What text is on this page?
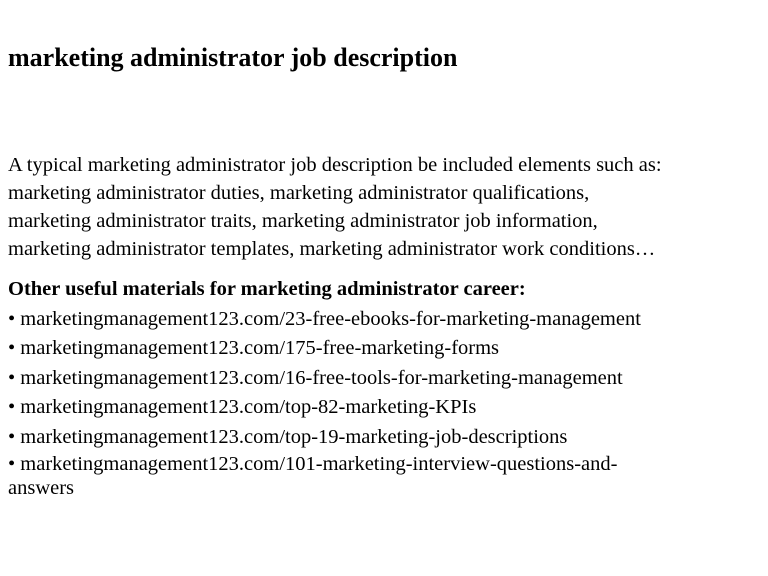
marketing administrator job description
A typical marketing administrator job description be included elements such as:
marketing administrator duties, marketing administrator qualifications,
marketing administrator traits, marketing administrator job information,
marketing administrator templates, marketing administrator work conditions…
Other useful materials for marketing administrator career:
• marketingmanagement123.com/23-free-ebooks-for-marketing-management
• marketingmanagement123.com/175-free-marketing-forms
• marketingmanagement123.com/16-free-tools-for-marketing-management
• marketingmanagement123.com/top-82-marketing-KPIs
• marketingmanagement123.com/top-19-marketing-job-descriptions
• marketingmanagement123.com/101-marketing-interview-questions-and-
answers
